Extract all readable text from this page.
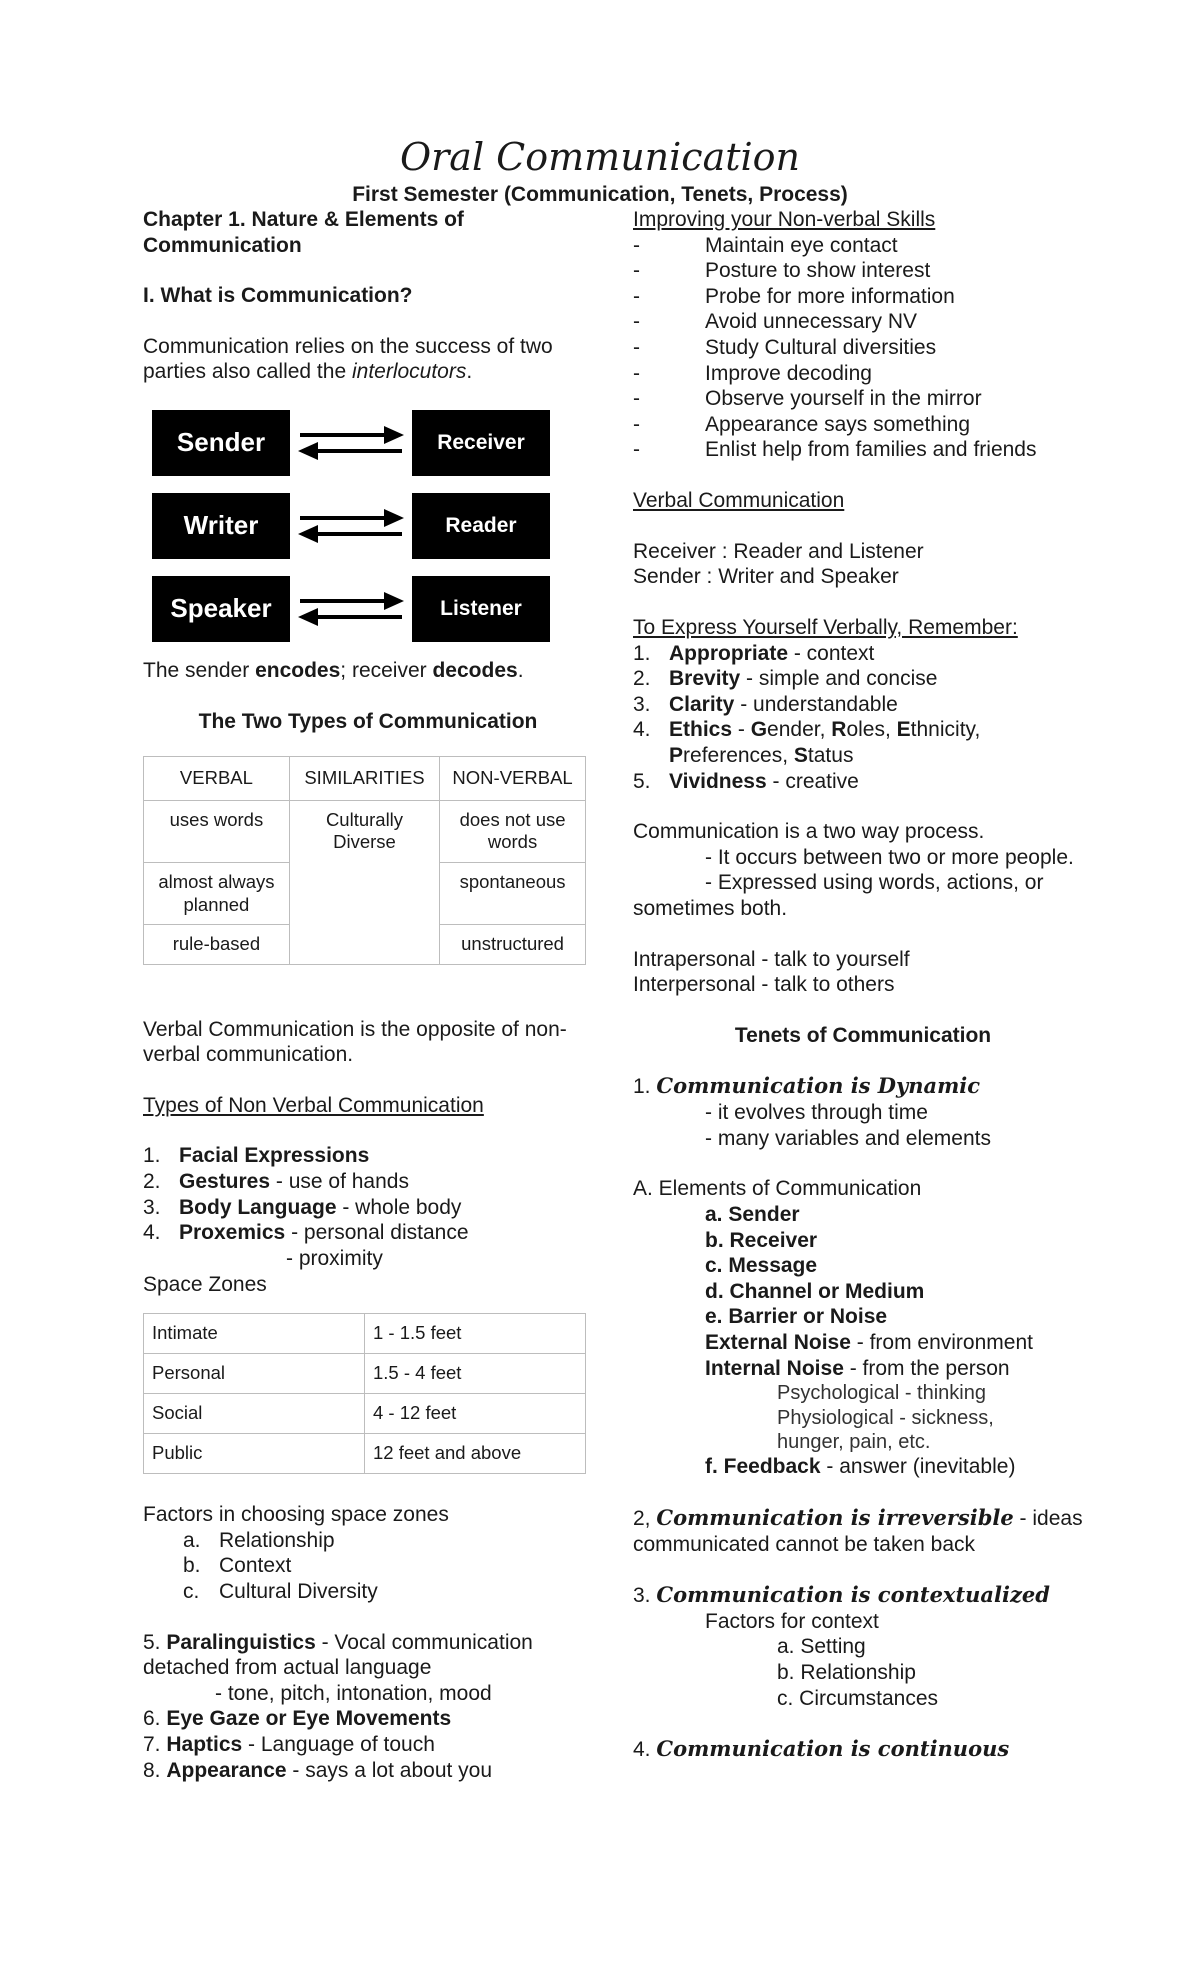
Oral Communication
First Semester (Communication, Tenets, Process)

Chapter 1. Nature & Elements of Communication

I. What is Communication?

Communication relies on the success of two parties also called the interlocutors.

Sender	Receiver
Writer	Reader
Speaker	Listener

The sender encodes; receiver decodes.

The Two Types of Communication

VERBAL	SIMILARITIES	NON-VERBAL
uses words	Culturally Diverse	does not use words
almost always planned		spontaneous
rule-based		unstructured

Verbal Communication is the opposite of non-verbal communication.

Types of Non Verbal Communication

1. Facial Expressions
2. Gestures - use of hands
3. Body Language - whole body
4. Proxemics - personal distance

- proximity

Space Zones

Intimate	1 - 1.5 feet
Personal	1.5 - 4 feet
Social	4 - 12 feet
Public	12 feet and above

Factors in choosing space zones

a. Relationship
b. Context
c. Cultural Diversity

5. Paralinguistics - Vocal communication detached from actual language

- tone, pitch, intonation, mood

6. Eye Gaze or Eye Movements

7. Haptics - Language of touch

8. Appearance - says a lot about you

Improving your Non-verbal Skills

-	Maintain eye contact
-	Posture to show interest
-	Probe for more information
-	Avoid unnecessary NV
-	Study Cultural diversities
-	Improve decoding
-	Observe yourself in the mirror
-	Appearance says something
-	Enlist help from families and friends

Verbal Communication

Receiver : Reader and Listener

Sender : Writer and Speaker

To Express Yourself Verbally, Remember:

1. Appropriate - context
2. Brevity - simple and concise
3. Clarity - understandable
4. Ethics - Gender, Roles, Ethnicity, Preferences, Status
5. Vividness - creative

Communication is a two way process.

- It occurs between two or more people.

- Expressed using words, actions, or sometimes both.

Intrapersonal - talk to yourself

Interpersonal - talk to others

Tenets of Communication

1. Communication is Dynamic

- it evolves through time

- many variables and elements

A. Elements of Communication

a. Sender

b. Receiver

c. Message

d. Channel or Medium

e. Barrier or Noise

External Noise - from environment

Internal Noise - from the person

Psychological - thinking

Physiological - sickness, hunger, pain, etc.

f. Feedback - answer (inevitable)

2, Communication is irreversible - ideas communicated cannot be taken back

3. Communication is contextualized

Factors for context

a. Setting

b. Relationship

c. Circumstances

4. Communication is continuous
